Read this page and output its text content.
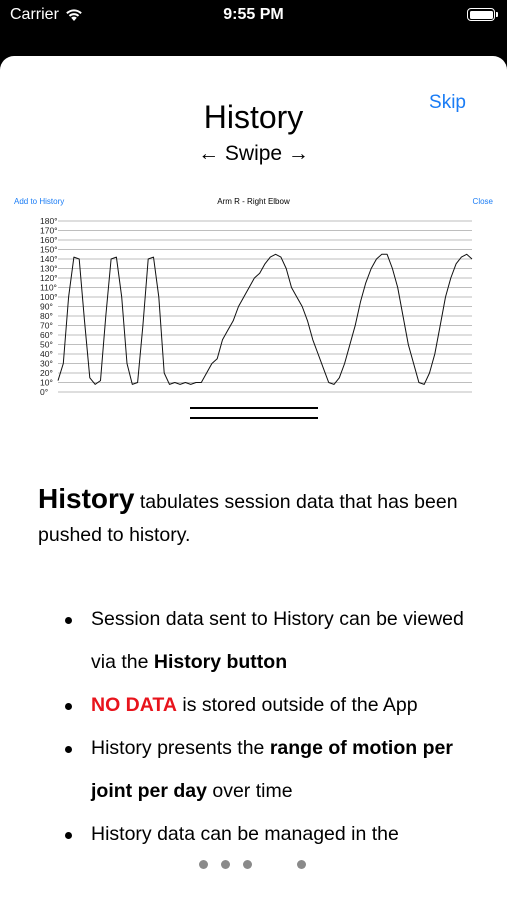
Carrier	9:55 PM
Skip
History
← Swipe →
Add to History	Arm R - Right Elbow	Close
180°
170°
160°
150°
140°
130°
120°
110°
100°
90°
80°
70°
60°
50°
40°
30°
20°
10°
0°

History tabulates session data that has been pushed to history.

Session data sent to History can be viewed via the History button
NO DATA is stored outside of the App
History presents the range of motion per joint per day over time
History data can be managed in the
